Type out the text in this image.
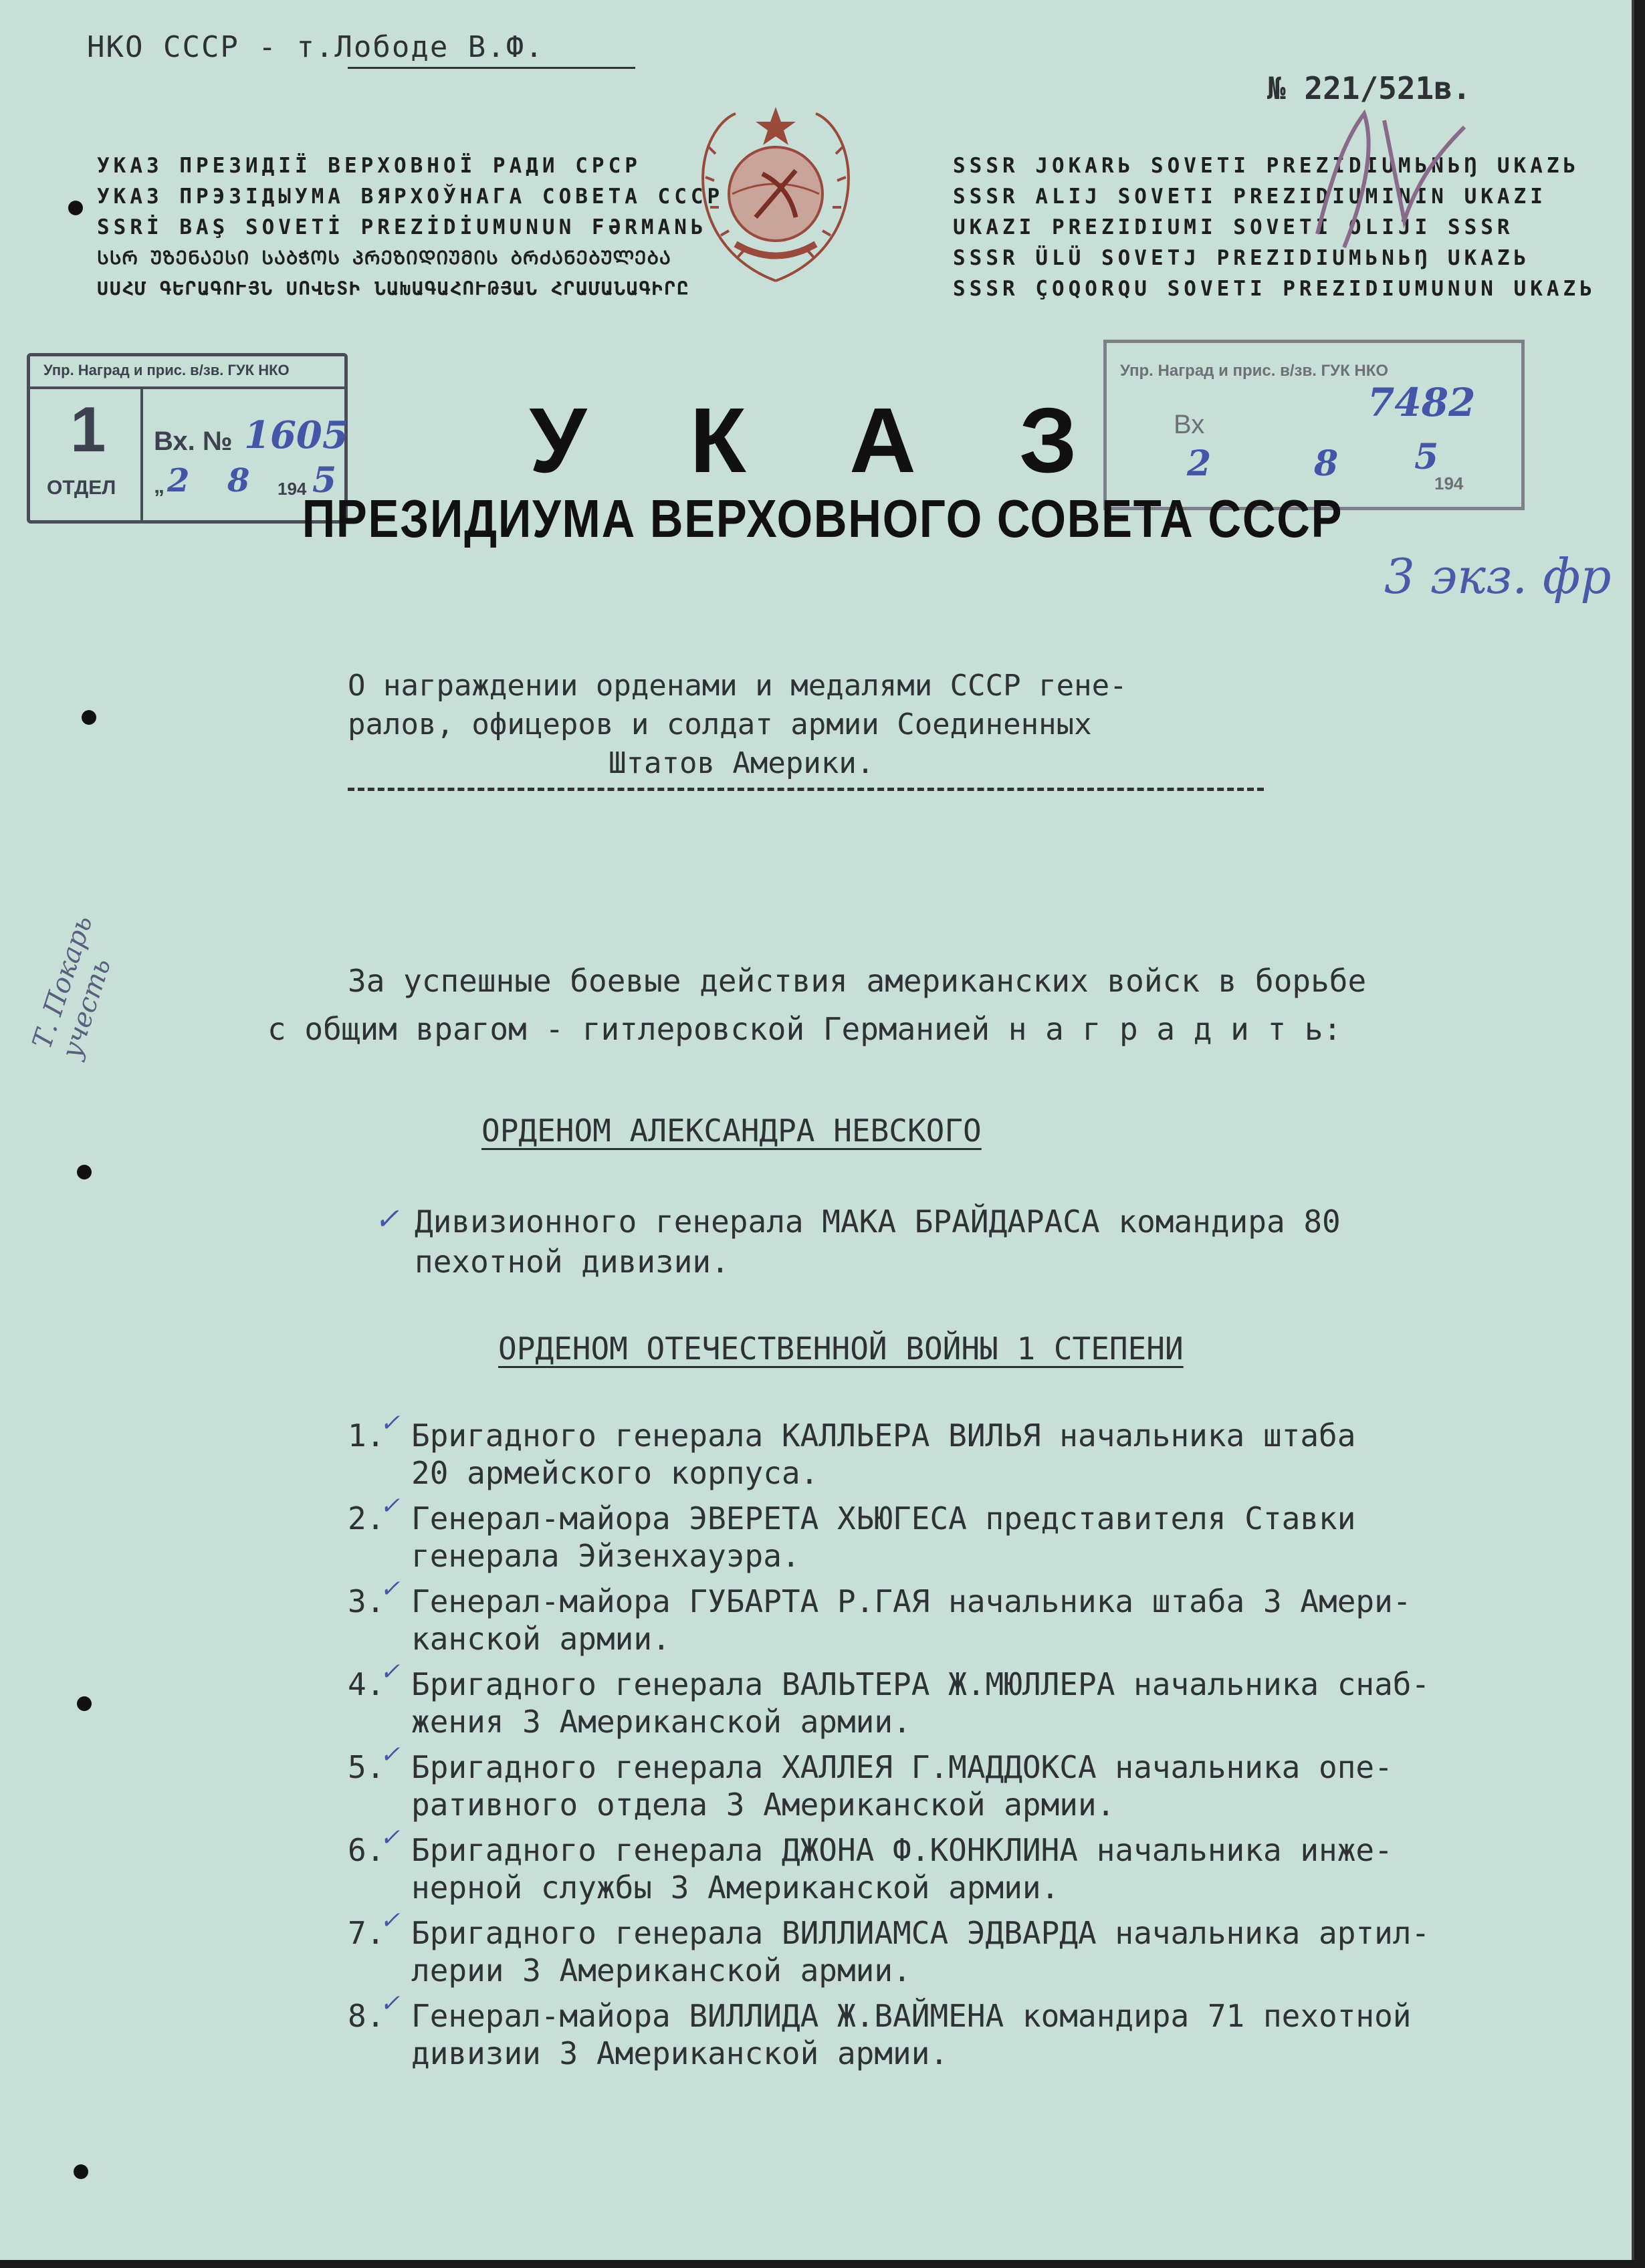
НКО СССР - т.Лободе В.Ф.
№ 221/521в.
УКАЗ ПРЕЗИДІЇ ВЕРХОВНОЇ РАДИ СРСР
УКАЗ ПРЭЗІДЫУМА ВЯРХОЎНАГА СОВЕТА СССР
SSRİ BAŞ SOVETİ PREZİDİUMUNUN FƏRMANЬ
ᲡᲡᲠ ᲣᲖᲔᲜᲐᲔᲡᲘ ᲡᲐᲑᲭᲝᲡ ᲞᲠᲔᲖᲘᲓᲘᲣᲛᲘᲡ ᲑᲠᲫᲐᲜᲔᲑᲣᲚᲔᲑᲐ
ՍՍՀՄ ԳԵՐԱԳՈՒՅՆ ՍՈՎԵՏԻ ՆԱԽԱԳԱՀՈՒԹՅԱՆ ՀՐԱՄԱՆԱԳԻՐԸ
SSSR JOKARЬ SOVETI PREZIDIUMЬNЬŊ UKAZЬ
SSSR ALIJ SOVETI PREZIDIUMININ UKAZI
UKAZI PREZIDIUMI SOVETI OLIJI SSSR
SSSR ÜLÜ SOVETJ PREZIDIUMЬNЬŊ UKAZЬ
SSSR ÇOQORQU SOVETI PREZIDIUMUNUN UKAZЬ
Упр. Наград и прис. в/зв. ГУК НКО
1
ОТДЕЛ
Вх. № 1605
„ 2 8 194 5
Упр. Наград и прис. в/зв. ГУК НКО
Вх	7482
2	8 5
194
3 экз. фр
У К А З
ПРЕЗИДИУМА ВЕРХОВНОГО СОВЕТА СССР
О награждении орденами и медалями СССР гене-
ралов, офицеров и солдат армии Соединенных
Штатов Америки.
За успешные боевые действия американских войск в борьбе
с общим врагом - гитлеровской Германией н а г р а д и т ь:
ОРДЕНОМ АЛЕКСАНДРА НЕВСКОГО
✓ Дивизионного генерала МАКА БРАЙДАРАСА командира 80
пехотной дивизии.
ОРДЕНОМ ОТЕЧЕСТВЕННОЙ ВОЙНЫ 1 СТЕПЕНИ
1.
✓ Бригадного генерала КАЛЛЬЕРА ВИЛЬЯ начальника штаба
20 армейского корпуса.
2.
✓ Генерал-майора ЭВЕРЕТА ХЬЮГЕСА представителя Ставки
генерала Эйзенхауэра.
3.
✓ Генерал-майора ГУБАРТА Р.ГАЯ начальника штаба 3 Амери-
канской армии.
4.
✓ Бригадного генерала ВАЛЬТЕРА Ж.МЮЛЛЕРА начальника снаб-
жения 3 Американской армии.
5.
✓ Бригадного генерала ХАЛЛЕЯ Г.МАДДОКСА начальника опе-
ративного отдела 3 Американской армии.
6.
✓ Бригадного генерала ДЖОНА Ф.КОНКЛИНА начальника инже-
нерной службы 3 Американской армии.
7.
✓ Бригадного генерала ВИЛЛИАМСА ЭДВАРДА начальника артил-
лерии 3 Американской армии.
8.
✓ Генерал-майора ВИЛЛИДА Ж.ВАЙМЕНА командира 71 пехотной
дивизии 3 Американской армии.
Т. Покарь учесть
